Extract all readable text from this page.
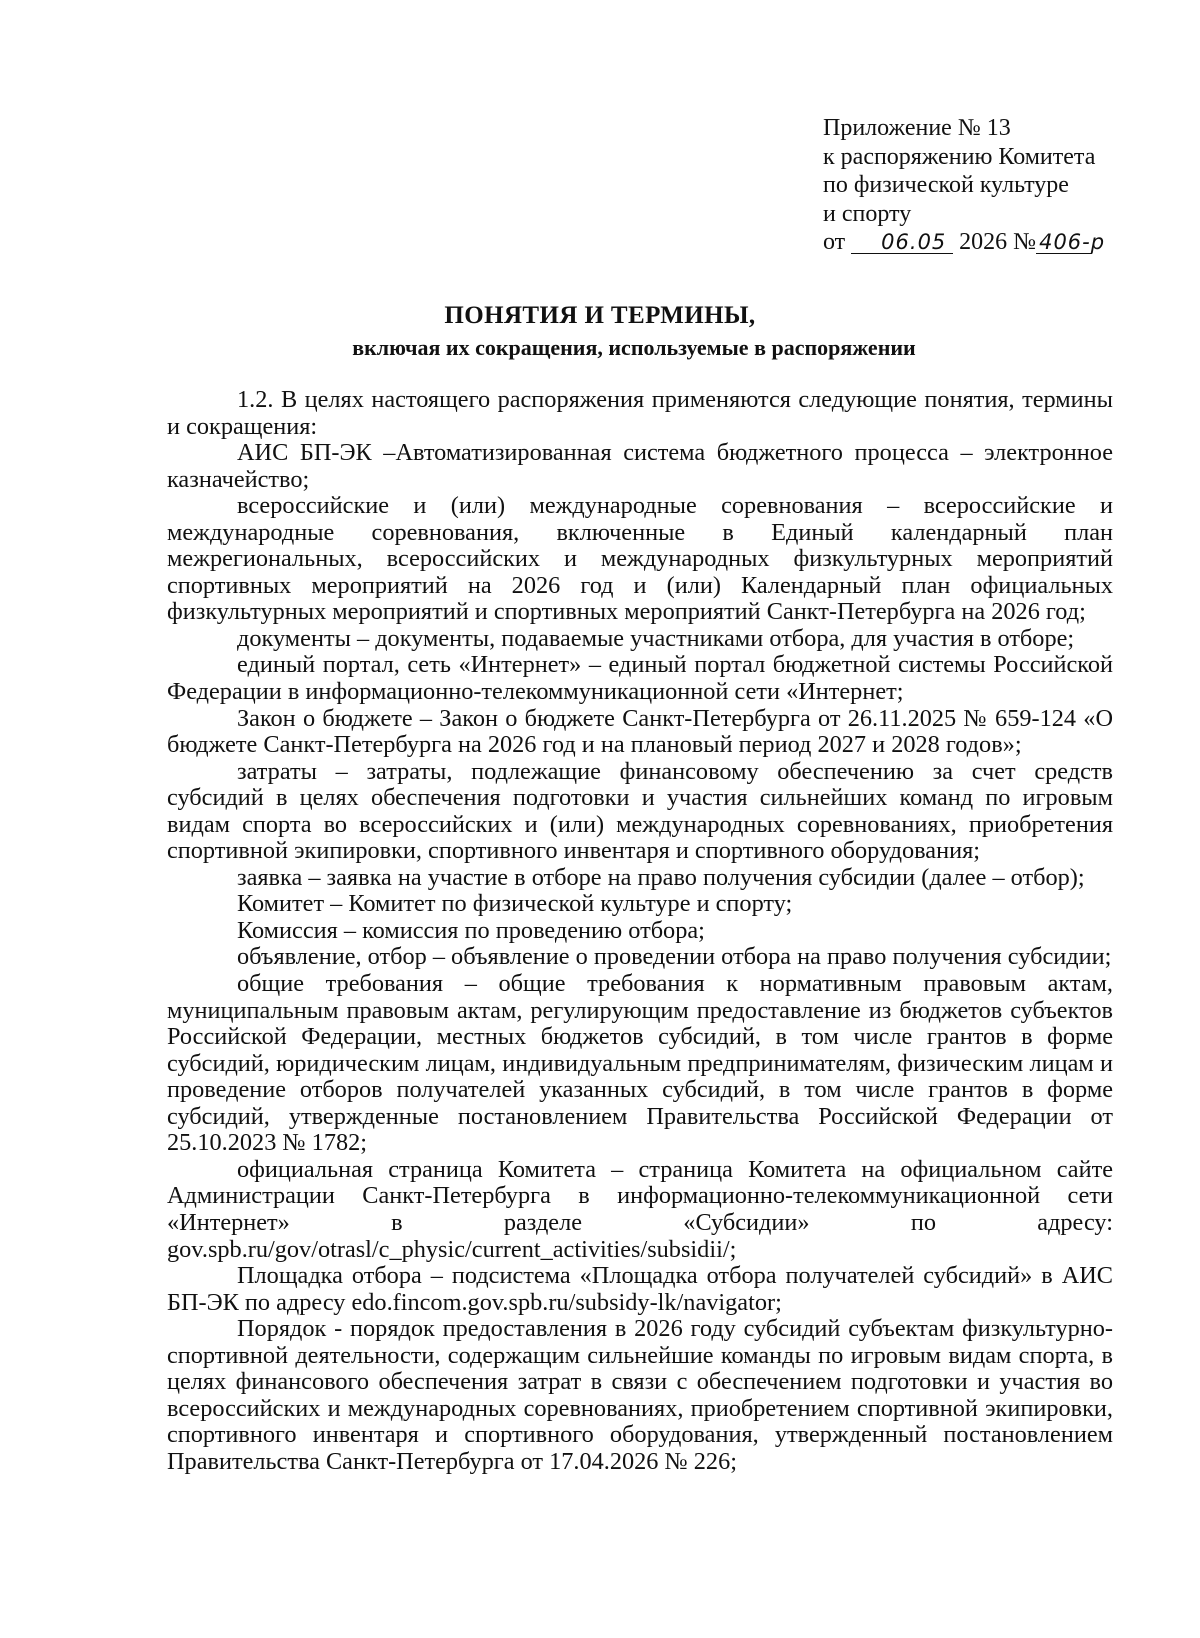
Приложение № 13
к распоряжению Комитета
по физической культуре
и спорту
от 06.05 2026 № 406-р
ПОНЯТИЯ И ТЕРМИНЫ,
включая их сокращения, используемые в распоряжении

1.2. В целях настоящего распоряжения применяются следующие понятия, термины и сокращения:

АИС БП-ЭК –Автоматизированная система бюджетного процесса – электронное казначейство;

всероссийские и (или) международные соревнования – всероссийские и международные соревнования, включенные в Единый календарный план межрегиональных, всероссийских и международных физкультурных мероприятий спортивных мероприятий на 2026 год и (или) Календарный план официальных физкультурных мероприятий и спортивных мероприятий Санкт-Петербурга на 2026 год;

документы – документы, подаваемые участниками отбора, для участия в отборе;

единый портал, сеть «Интернет» – единый портал бюджетной системы Российской Федерации в информационно-телекоммуникационной сети «Интернет;

Закон о бюджете – Закон о бюджете Санкт-Петербурга от 26.11.2025 № 659-124 «О бюджете Санкт-Петербурга на 2026 год и на плановый период 2027 и 2028 годов»;

затраты – затраты, подлежащие финансовому обеспечению за счет средств субсидий в целях обеспечения подготовки и участия сильнейших команд по игровым видам спорта во всероссийских и (или) международных соревнованиях, приобретения спортивной экипировки, спортивного инвентаря и спортивного оборудования;

заявка – заявка на участие в отборе на право получения субсидии (далее – отбор);

Комитет – Комитет по физической культуре и спорту;

Комиссия – комиссия по проведению отбора;

объявление, отбор – объявление о проведении отбора на право получения субсидии;

общие требования – общие требования к нормативным правовым актам, муниципальным правовым актам, регулирующим предоставление из бюджетов субъектов Российской Федерации, местных бюджетов субсидий, в том числе грантов в форме субсидий, юридическим лицам, индивидуальным предпринимателям, физическим лицам и проведение отборов получателей указанных субсидий, в том числе грантов в форме субсидий, утвержденные постановлением Правительства Российской Федерации от 25.10.2023 № 1782;

официальная страница Комитета – страница Комитета на официальном сайте Администрации Санкт-Петербурга в информационно-телекоммуникационной сети «Интернет» в разделе «Субсидии» по адресу: gov.spb.ru/gov/otrasl/c_physic/current_activities/subsidii/;

Площадка отбора – подсистема «Площадка отбора получателей субсидий» в АИС БП-ЭК по адресу edo.fincom.gov.spb.ru/subsidy-lk/navigator;

Порядок - порядок предоставления в 2026 году субсидий субъектам физкультурно-спортивной деятельности, содержащим сильнейшие команды по игровым видам спорта, в целях финансового обеспечения затрат в связи с обеспечением подготовки и участия во всероссийских и международных соревнованиях, приобретением спортивной экипировки, спортивного инвентаря и спортивного оборудования, утвержденный постановлением Правительства Санкт-Петербурга от 17.04.2026 № 226;
